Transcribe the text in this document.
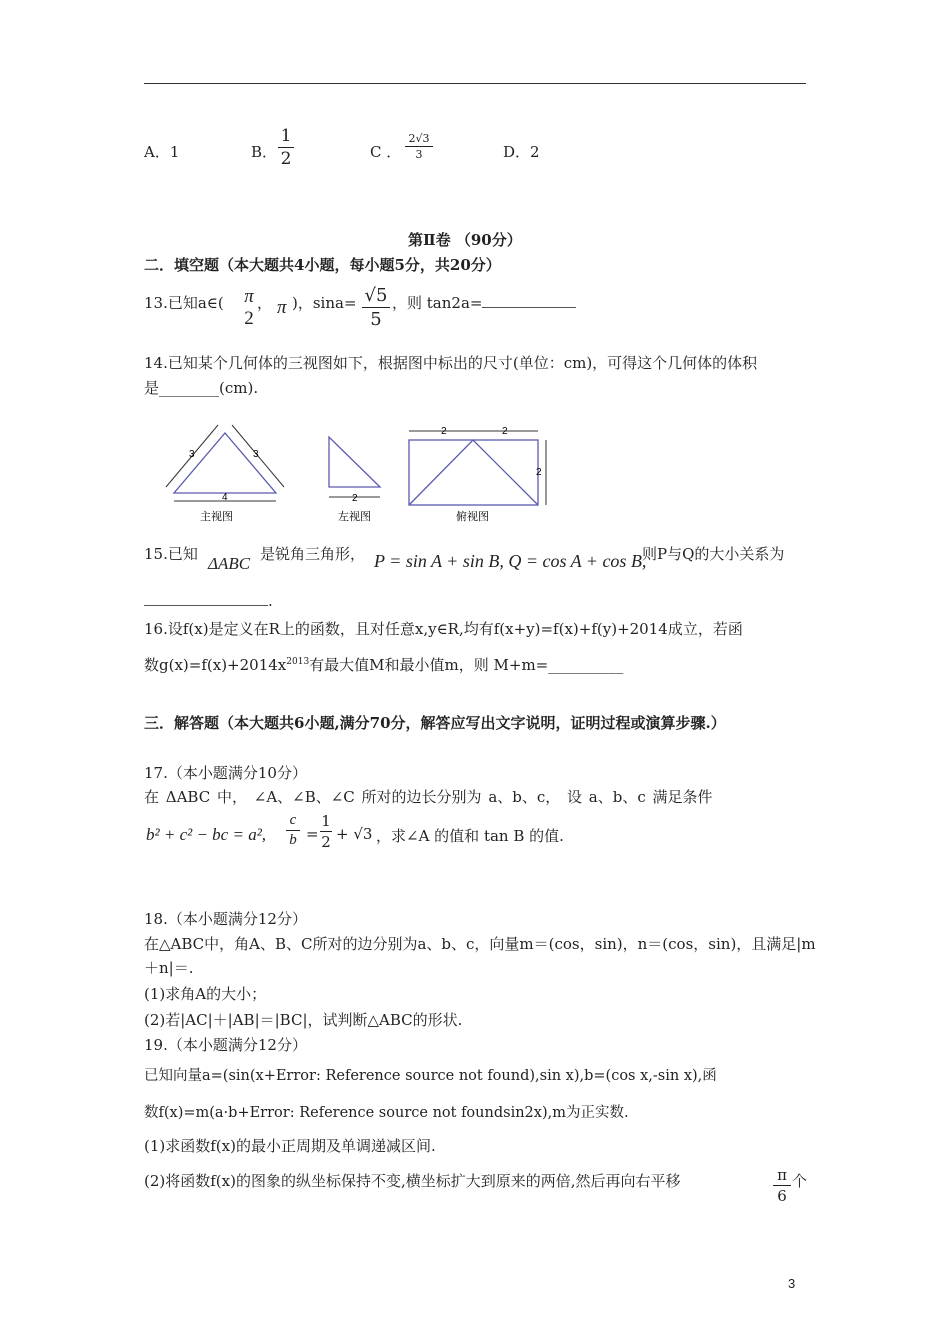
A．1	B．
1
2	C ．
2√3
3	D．2
第Ⅱ卷 （90分）
二．填空题（本大题共4小题，每小题5分，共20分）
13.已知a∈( π
2
， π )，sina= √5
5
，则 tan2a=
14.已知某个几何体的三视图如下，根据图中标出的尺寸(单位：cm)，可得这个几何体的体积
是________(cm).
3	3
4
主视图
2
左视图
2	2
2
俯视图
15.已知 ΔABC 是锐角三角形， P = sin A + sin B, Q = cos A + cos B,
则P与Q的大小关系为
.
16.设f(x)是定义在R上的函数，且对任意x,y∈R,均有f(x+y)=f(x)+f(y)+2014成立，若函
数$g(x)=f(x)+2014x^{2013}$有最大值M和最小值m，则 M+m=__________
三．解答题（本大题共6小题,满分70分，解答应写出文字说明，证明过程或演算步骤.）
17.（本小题满分10分）
在 ΔABC 中， ∠A、∠B、∠C 所对的边长分别为 a、b、c， 设 a、b、c 满足条件
b² + c² − bc = a²,
c
b =
1
2 + √3 ，求∠A 的值和 tan B 的值.
18.（本小题满分12分）
在△ABC中，角A、B、C所对的边分别为a、b、c，向量m＝(cos，sin)，n＝(cos，sin)，且满足|m
＋n|＝.
(1)求角A的大小；
(2)若|AC|＋|AB|＝|BC|，试判断△ABC的形状.
19.（本小题满分12分）
已知向量a=(sin(x+Error: Reference source not found),sin x),b=(cos x,-sin x),函
数f(x)=m(a·b+Error: Reference source not foundsin2x),m为正实数.
(1)求函数f(x)的最小正周期及单调递减区间.
(2)将函数f(x)的图象的纵坐标保持不变,横坐标扩大到原来的两倍,然后再向右平移	π
6
个
3
